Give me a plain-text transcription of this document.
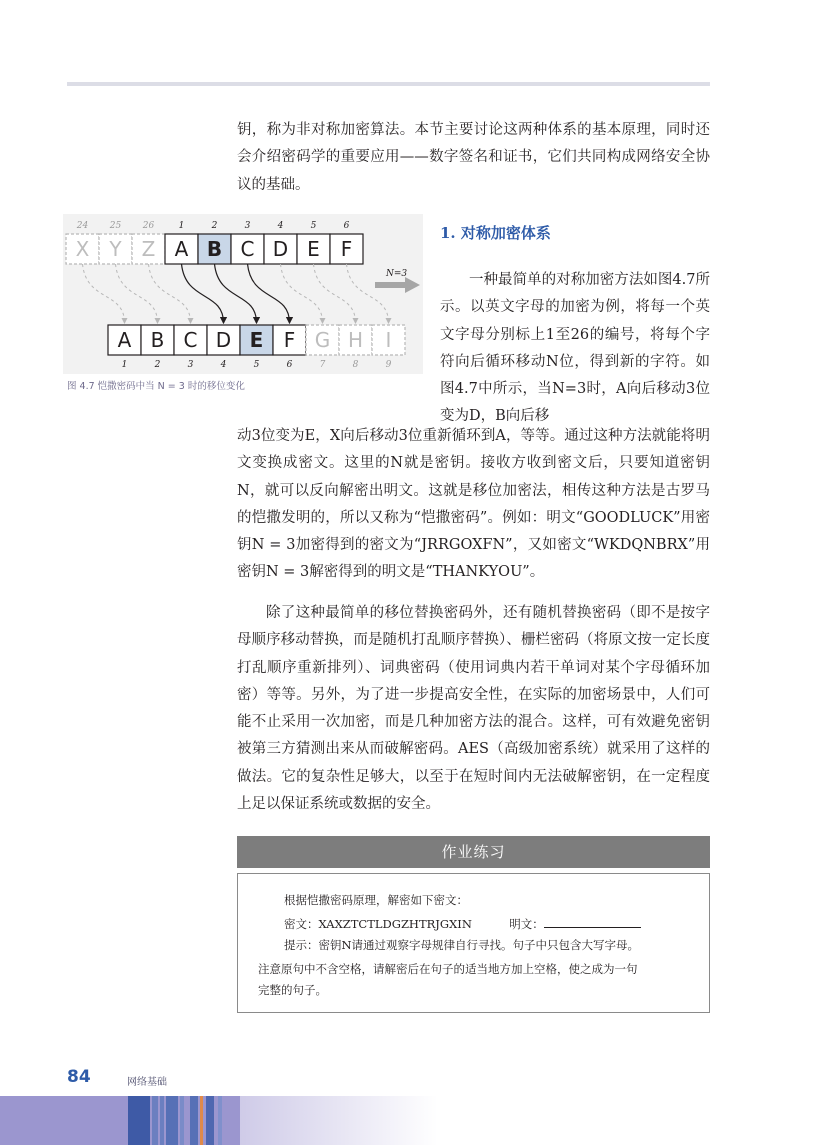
钥，称为非对称加密算法。本节主要讨论这两种体系的基本原理，同时还会介绍密码学的重要应用——数字签名和证书，它们共同构成网络安全协议的基础。

X
24
Y
25
Z
26
A
1
B
2
C
3
D
4
E
5
F
6
A
1
B
2
C
3
D
4
E
5
F
6
G
7
H
8
I
9
N=3
图 4.7 恺撒密码中当 N = 3 时的移位变化
1. 对称加密体系

一种最简单的对称加密方法如图4.7所示。以英文字母的加密为例，将每一个英文字母分别标上1至26的编号，将每个字符向后循环移动N位，得到新的字符。如图4.7中所示，当N=3时，A向后移动3位变为D，B向后移

动3位变为E，X向后移动3位重新循环到A，等等。通过这种方法就能将明文变换成密文。这里的N就是密钥。接收方收到密文后，只要知道密钥N，就可以反向解密出明文。这就是移位加密法，相传这种方法是古罗马的恺撒发明的，所以又称为“恺撒密码”。例如：明文“GOODLUCK”用密钥N = 3加密得到的密文为“JRRGOXFN”，又如密文“WKDQNBRX”用密钥N = 3解密得到的明文是“THANKYOU”。

除了这种最简单的移位替换密码外，还有随机替换密码（即不是按字母顺序移动替换，而是随机打乱顺序替换）、栅栏密码（将原文按一定长度打乱顺序重新排列）、词典密码（使用词典内若干单词对某个字母循环加密）等等。另外，为了进一步提高安全性，在实际的加密场景中，人们可能不止采用一次加密，而是几种加密方法的混合。这样，可有效避免密钥被第三方猜测出来从而破解密码。AES（高级加密系统）就采用了这样的做法。它的复杂性足够大，以至于在短时间内无法破解密钥，在一定程度上足以保证系统或数据的安全。

作业练习
根据恺撒密码原理，解密如下密文：
密文：XAXZTCTLDGZHTRJGXIN	明文：
提示：密钥N请通过观察字母规律自行寻找。句子中只包含大写字母。
注意原句中不含空格，请解密后在句子的适当地方加上空格，使之成为一句
完整的句子。
84	网络基础
